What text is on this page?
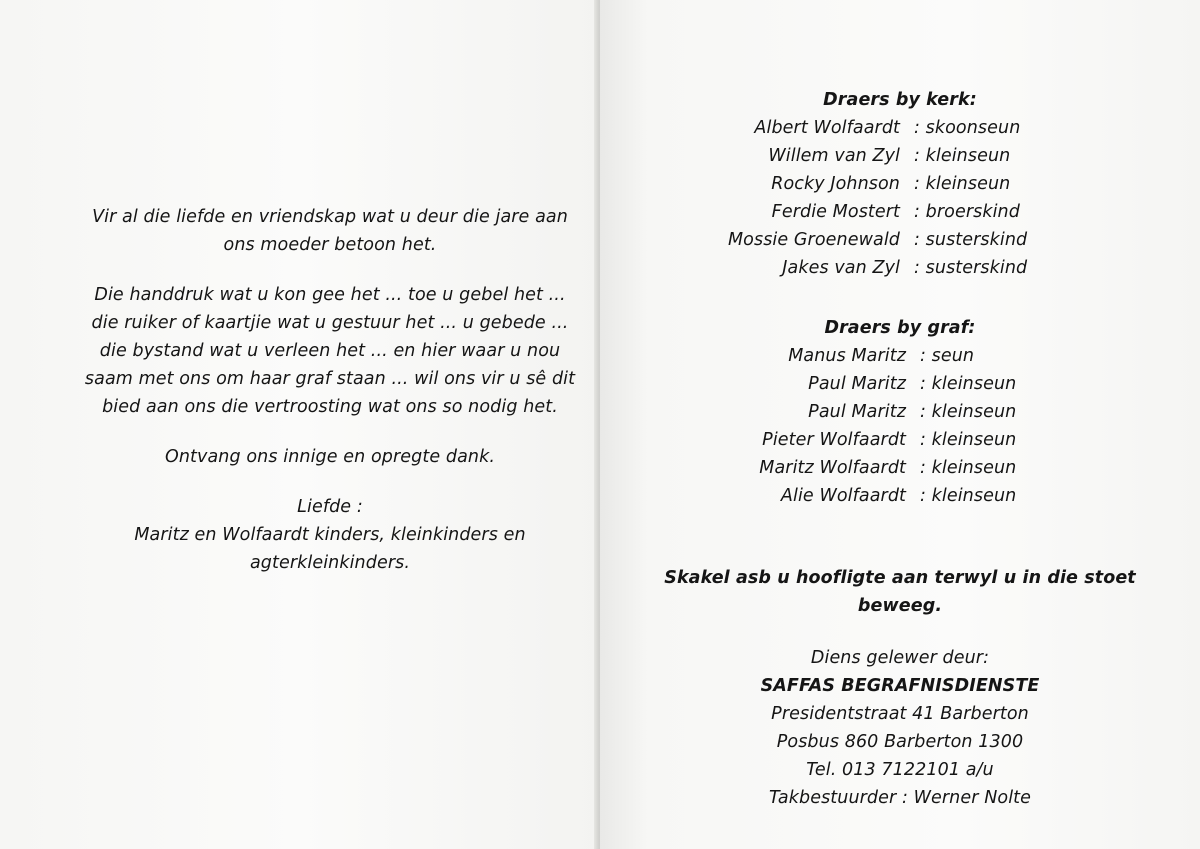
Vir al die liefde en vriendskap wat u deur die jare aan
ons moeder betoon het.
Die handdruk wat u kon gee het ... toe u gebel het ...
die ruiker of kaartjie wat u gestuur het ... u gebede ...
die bystand wat u verleen het ... en hier waar u nou
saam met ons om haar graf staan ... wil ons vir u sê dit
bied aan ons die vertroosting wat ons so nodig het.
Ontvang ons innige en opregte dank.
Liefde :
Maritz en Wolfaardt kinders, kleinkinders en
agterkleinkinders.
Draers by kerk:
Albert Wolfaardt : skoonseun
Willem van Zyl : kleinseun
Rocky Johnson : kleinseun
Ferdie Mostert : broerskind
Mossie Groenewald : susterskind
Jakes van Zyl : susterskind
Draers by graf:
Manus Maritz : seun
Paul Maritz : kleinseun
Paul Maritz : kleinseun
Pieter Wolfaardt : kleinseun
Maritz Wolfaardt : kleinseun
Alie Wolfaardt : kleinseun
Skakel asb u hoofligte aan terwyl u in die stoet
beweeg.
Diens gelewer deur:
SAFFAS BEGRAFNISDIENSTE
Presidentstraat 41 Barberton
Posbus 860 Barberton 1300
Tel. 013 7122101 a/u
Takbestuurder : Werner Nolte
